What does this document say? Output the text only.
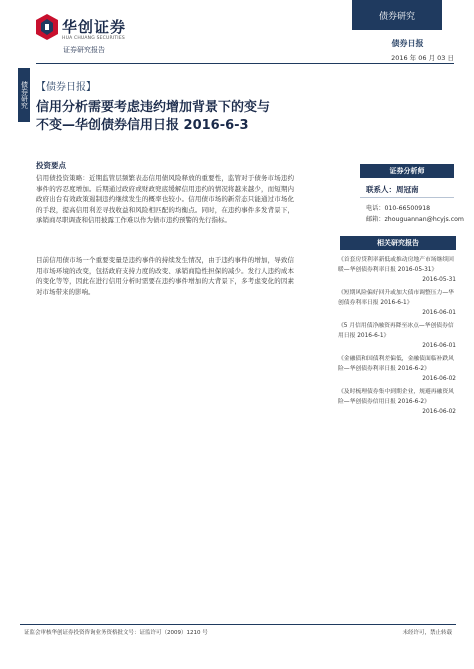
华创证券
HUA CHUANG SECURITIES
证券研究报告
债券研究
债券日报
2016 年 06 月 03 日
债券研究 【债券日报】
信用分析需要考虑违约增加背景下的变与
不变—华创债券信用日报 2016-6-3
投资要点

信用债投资策略：近期监管层频繁表态信用债风险释放的重要性，监管对于债务市场违约事件的容忍度增加。后期通过政府或财政兜底缓解信用违约的情况将越来越少，而短期内政府出台有效政策遏制违约继续发生的概率也较小。信用债市场的新常态只能通过市场化的手段，提高信用利差寻找收益和风险相匹配的均衡点。同时，在违约事件多发背景下，承销商尽职调查和信用披露工作难以作为债市违约预警的先行指标。

目前信用债市场一个重要变量是违约事件的持续发生情况，由于违约事件的增加，导致信用市场环境的改变，包括政府支持力度的改变、承销商隐性担保的减少。发行人违约成本的变化等等，因此在进行信用分析时需要在违约事件增加的大背景下，多考虑变化的因素对市场带来的影响。

证券分析师
联系人：周冠南
电话：010-66500918
邮箱：zhouguannan@hcyjs.com
相关研究报告
《首套房贷利率新低或推动房地产市场继续回暖—华创债券利率日报 2016-05-31》
2016-05-31
《短期风险偏好回升或加大债市调整压力—华创债券利率日报 2016-6-1》
2016-06-01
《5 月信用债净融资再降至冰点—华创债券信用日报 2016-6-1》
2016-06-01
《金融债和国债利差偏低，金融债面临补跌风险—华创债券利率日报 2016-6-2》
2016-06-02
《及时梳理债券集中到期企业，规避再融资风险—华创债券信用日报 2016-6-2》
2016-06-02
证监会审核华创证券投资咨询业务资格批文号：证监许可（2009）1210 号	未经许可，禁止转载
